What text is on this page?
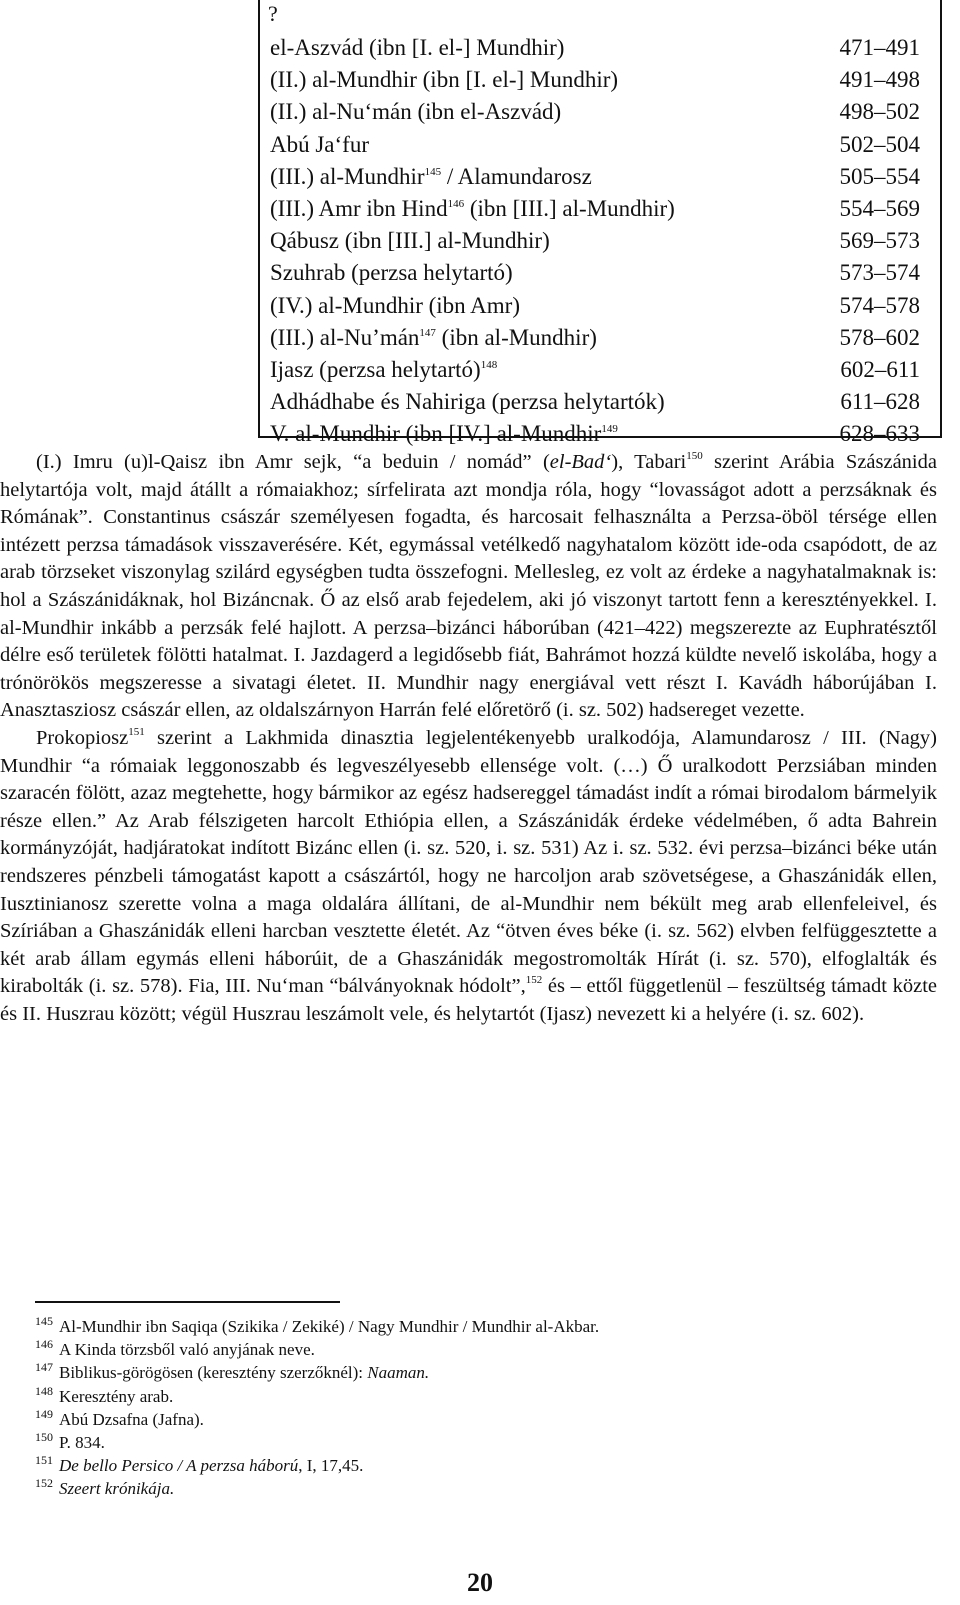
?
el-Aszvád (ibn [I. el-] Mundhir)	471–491
(II.) al-Mundhir (ibn [I. el-] Mundhir)	491–498
(II.) al-Nu‘mán (ibn el-Aszvád)	498–502
Abú Ja‘fur	502–504
(III.) al-Mundhir$^{145}$ / Alamundarosz	505–554
(III.) Amr ibn Hind$^{146}$ (ibn [III.] al-Mundhir)	554–569
Qábusz (ibn [III.] al-Mundhir)	569–573
Szuhrab (perzsa helytartó)	573–574
(IV.) al-Mundhir (ibn Amr)	574–578
(III.) al-Nu’mán$^{147}$ (ibn al-Mundhir)	578–602
Ijasz (perzsa helytartó)$^{148}$	602–611
Adhádhabe és Nahiriga (perzsa helytartók)	611–628
V. al-Mundhir (ibn [IV.] al-Mundhir$^{149}$	628–633

(I.) Imru (u)l-Qaisz ibn Amr sejk, “a beduin / nomád” (el-Bad‘), Tabari$^{150}$ szerint Arábia Szászánida helytartója volt, majd átállt a rómaiakhoz; sírfelirata azt mondja róla, hogy “lovasságot adott a perzsáknak és Rómának”. Constantinus császár személyesen fogadta, és harcosait felhasználta a Perzsa-öböl térsége ellen intézett perzsa támadások visszaverésére. Két, egymással vetélkedő nagyhatalom között ide-oda csapódott, de az arab törzseket viszonylag szilárd egységben tudta összefogni. Mellesleg, ez volt az érdeke a nagyhatalmaknak is: hol a Szászánidáknak, hol Bizáncnak. Ő az első arab fejedelem, aki jó viszonyt tartott fenn a keresztényekkel. I. al-Mundhir inkább a perzsák felé hajlott. A perzsa–bizánci háborúban (421–422) megszerezte az Euphratésztől délre eső területek fölötti hatalmat. I. Jazdagerd a legidősebb fiát, Bahrámot hozzá küldte nevelő iskolába, hogy a trónörökös megszeresse a sivatagi életet. II. Mundhir nagy energiával vett részt I. Kavádh háborújában I. Anasztasziosz császár ellen, az oldalszárnyon Harrán felé előretörő (i. sz. 502) hadsereget vezette.

Prokopiosz$^{151}$ szerint a Lakhmida dinasztia legjelentékenyebb uralkodója, Alamundarosz / III. (Nagy) Mundhir “a rómaiak leggonoszabb és legveszélyesebb ellensége volt. (…) Ő uralkodott Perzsiában minden szaracén fölött, azaz megtehette, hogy bármikor az egész hadsereggel támadást indít a római birodalom bármelyik része ellen.” Az Arab félszigeten harcolt Ethiópia ellen, a Szászánidák érdeke védelmében, ő adta Bahrein kormányzóját, hadjáratokat indított Bizánc ellen (i. sz. 520, i. sz. 531) Az i. sz. 532. évi perzsa–bizánci béke után rendszeres pénzbeli támogatást kapott a császártól, hogy ne harcoljon arab szövetségese, a Ghaszánidák ellen, Iusztinianosz szerette volna a maga oldalára állítani, de al-Mundhir nem békült meg arab ellenfeleivel, és Szíriában a Ghaszánidák elleni harcban vesztette életét. Az “ötven éves béke (i. sz. 562) elvben felfüggesztette a két arab állam egymás elleni háborúit, de a Ghaszánidák megostromolták Hírát (i. sz. 570), elfoglalták és kirabolták (i. sz. 578). Fia, III. Nu‘man “bálványoknak hódolt”,$^{152}$ és – ettől függetlenül – feszültség támadt közte és II. Huszrau között; végül Huszrau leszámolt vele, és helytartót (Ijasz) nevezett ki a helyére (i. sz. 602).

$^{145}$ Al-Mundhir ibn Saqiqa (Szikika / Zekiké) / Nagy Mundhir / Mundhir al-Akbar.
$^{146}$ A Kinda törzsből való anyjának neve.
$^{147}$ Biblikus-görögösen (keresztény szerzőknél): Naaman.
$^{148}$ Keresztény arab.
$^{149}$ Abú Dzsafna (Jafna).
$^{150}$ P. 834.
$^{151}$ De bello Persico / A perzsa háború, I, 17,45.
$^{152}$ Szeert krónikája.
20
